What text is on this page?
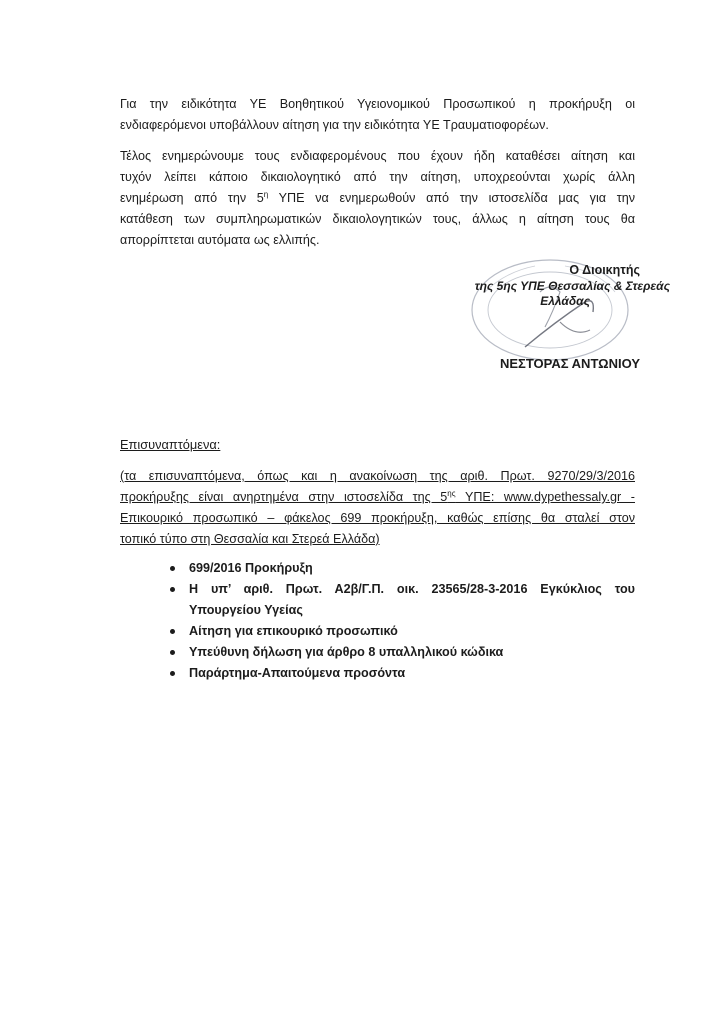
Για την ειδικότητα ΥΕ Βοηθητικού Υγειονομικού Προσωπικού η προκήρυξη οι
ενδιαφερόμενοι υποβάλλουν αίτηση για την ειδικότητα ΥΕ Τραυματιοφορέων.
Τέλος ενημερώνουμε τους ενδιαφερομένους που έχουν ήδη καταθέσει αίτηση και
τυχόν λείπει κάποιο δικαιολογητικό από την αίτηση, υποχρεούνται χωρίς άλλη
ενημέρωση από την $5^\eta$ ΥΠΕ να ενημερωθούν από την ιστοσελίδα μας για την
κατάθεση των συμπληρωματικών δικαιολογητικών τους, άλλως η αίτηση τους θα
απορρίπτεται αυτόματα ως ελλιπής.
Ο Διοικητής
της 5ης ΥΠΕ Θεσσαλίας & Στερεάς
Ελλάδας
ΝΕΣΤΟΡΑΣ ΑΝΤΩΝΙΟΥ
Επισυναπτόμενα:
(τα επισυναπτόμενα, όπως και η ανακοίνωση της αριθ. Πρωτ. 9270/29/3/2016
προκήρυξης είναι ανηρτημένα στην ιστοσελίδα της $5^{\eta\varsigma}$ ΥΠΕ: www.dypethessaly.gr -
Επικουρικό προσωπικό – φάκελος 699 προκήρυξη, καθώς επίσης θα σταλεί στον
τοπικό τύπο στη Θεσσαλία και Στερεά Ελλάδα)
699/2016 Προκήρυξη
Η υπ’ αριθ. Πρωτ. Α2β/Γ.Π. οικ. 23565/28-3-2016 Εγκύκλιος του
Υπουργείου Υγείας
Αίτηση για επικουρικό προσωπικό
Υπεύθυνη δήλωση για άρθρο 8 υπαλληλικού κώδικα
Παράρτημα-Απαιτούμενα προσόντα
